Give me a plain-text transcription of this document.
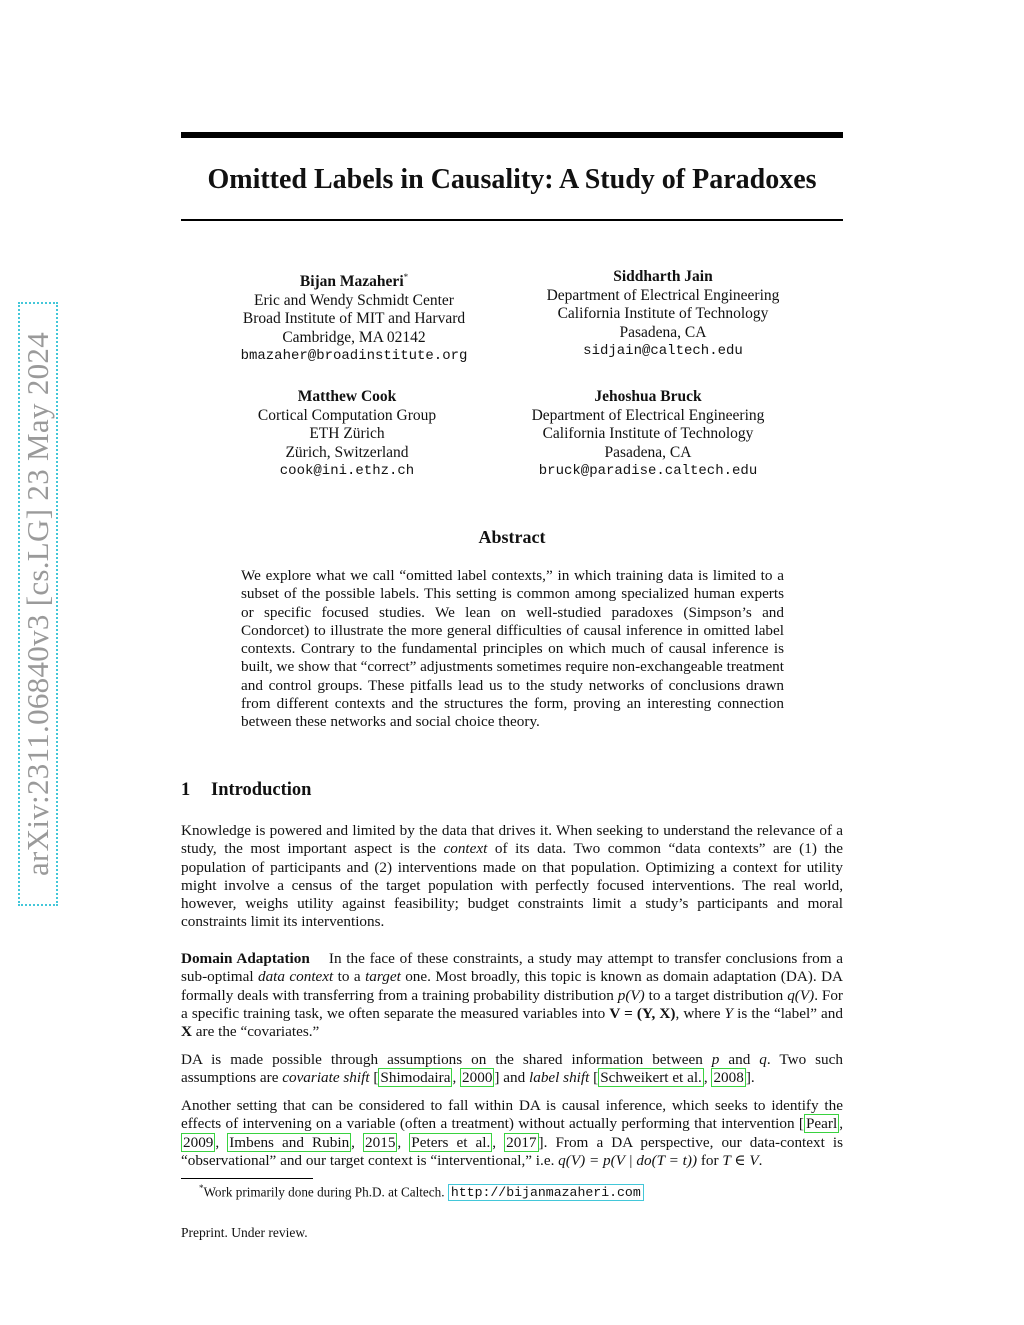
Omitted Labels in Causality: A Study of Paradoxes
arXiv:2311.06840v3 [cs.LG] 23 May 2024
Bijan Mazaheri*
Eric and Wendy Schmidt Center
Broad Institute of MIT and Harvard
Cambridge, MA 02142
bmazaher@broadinstitute.org
Siddharth Jain
Department of Electrical Engineering
California Institute of Technology
Pasadena, CA
sidjain@caltech.edu
Matthew Cook
Cortical Computation Group
ETH Zürich
Zürich, Switzerland
cook@ini.ethz.ch
Jehoshua Bruck
Department of Electrical Engineering
California Institute of Technology
Pasadena, CA
bruck@paradise.caltech.edu
Abstract

We explore what we call “omitted label contexts,” in which training data is limited to a subset of the possible labels. This setting is common among specialized human experts or specific focused studies. We lean on well-studied paradoxes (Simpson’s and Condorcet) to illustrate the more general difficulties of causal inference in omitted label contexts. Contrary to the fundamental principles on which much of causal inference is built, we show that “correct” adjustments sometimes require non-exchangeable treatment and control groups. These pitfalls lead us to the study networks of conclusions drawn from different contexts and the structures the form, proving an interesting connection between these networks and social choice theory.

1 Introduction

Knowledge is powered and limited by the data that drives it. When seeking to understand the relevance of a study, the most important aspect is the context of its data. Two common “data contexts” are (1) the population of participants and (2) interventions made on that population. Optimizing a context for utility might involve a census of the target population with perfectly focused interventions. The real world, however, weighs utility against feasibility; budget constraints limit a study’s participants and moral constraints limit its interventions.

Domain Adaptation In the face of these constraints, a study may attempt to transfer conclusions from a sub-optimal data context to a target one. Most broadly, this topic is known as domain adaptation (DA). DA formally deals with transferring from a training probability distribution p(V) to a target distribution q(V). For a specific training task, we often separate the measured variables into V = (Y, X), where Y is the “label” and X are the “covariates.”

DA is made possible through assumptions on the shared information between p and q. Two such assumptions are covariate shift [ Shimodaira , 2000 ] and label shift [ Schweikert et al. , 2008 ].

Another setting that can be considered to fall within DA is causal inference, which seeks to identify the effects of intervening on a variable (often a treatment) without actually performing that intervention [ Pearl , 2009 , Imbens and Rubin , 2015 , Peters et al. , 2017 ]. From a DA perspective, our data-context is “observational” and our target context is “interventional,” i.e. q(V) = p(V | do(T = t)) for T ∈ V.

*Work primarily done during Ph.D. at Caltech. http://bijanmazaheri.com

Preprint. Under review.
